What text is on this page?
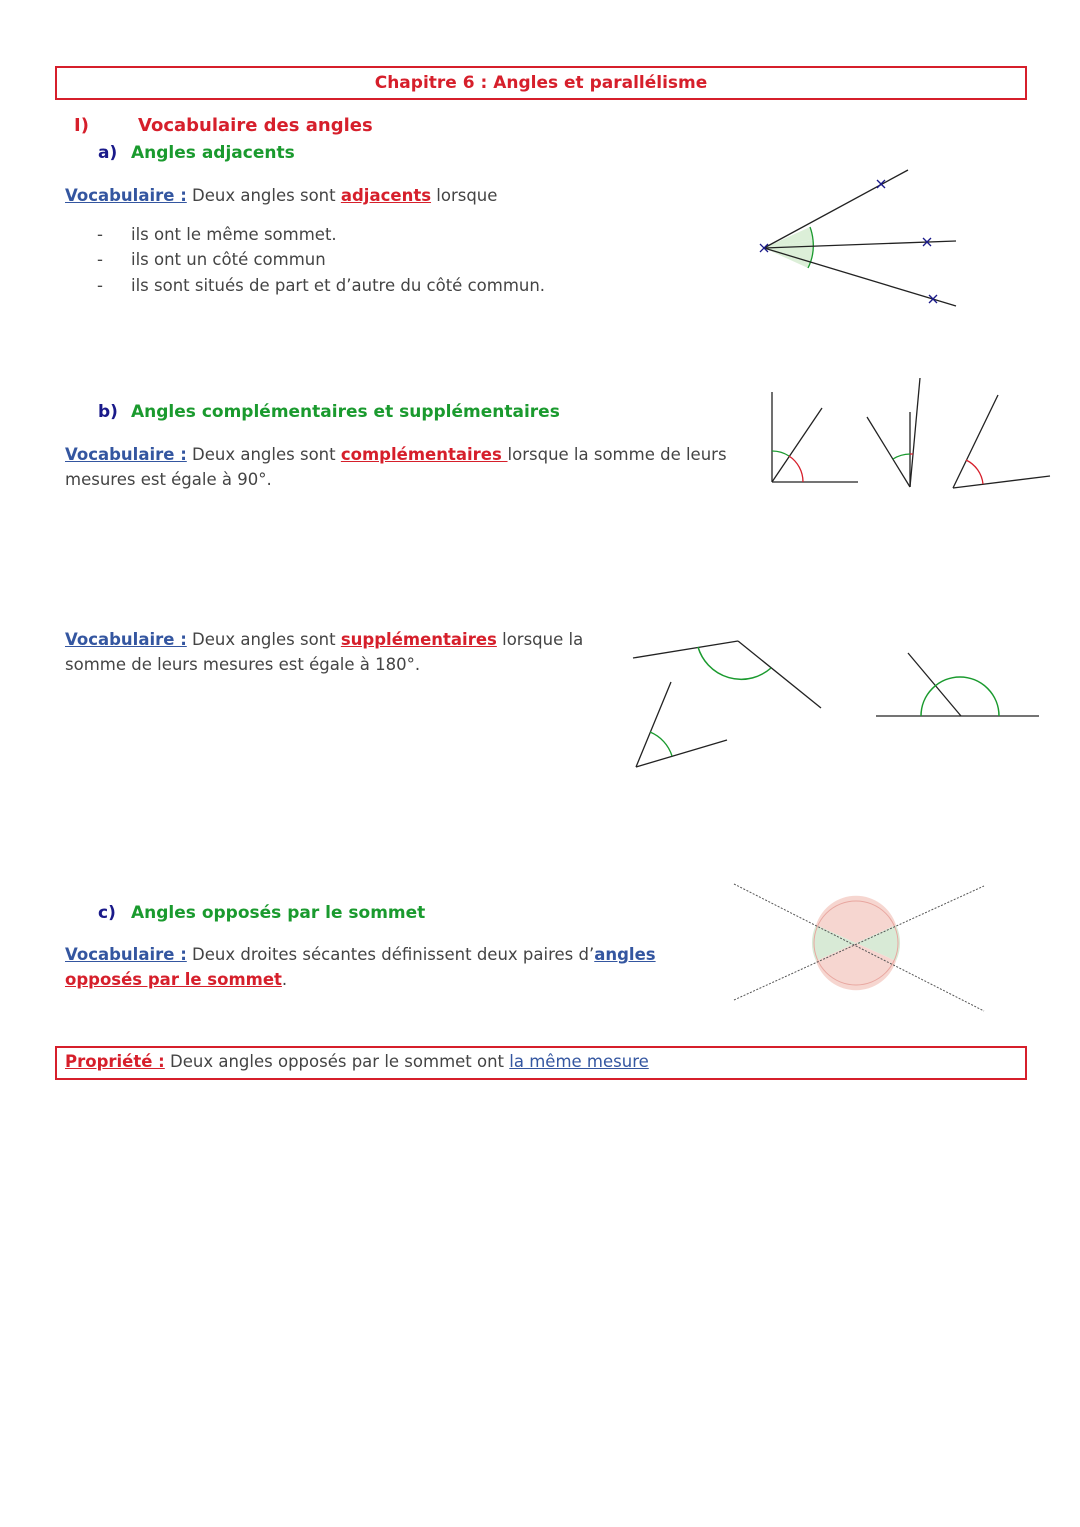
Chapitre 6 : Angles et parallélisme
I)	Vocabulaire des angles
a) Angles adjacents
Vocabulaire : Deux angles sont adjacents lorsque
- ils ont le même sommet.
- ils ont un côté commun
- ils sont situés de part et d’autre du côté commun.
b) Angles complémentaires et supplémentaires
Vocabulaire : Deux angles sont complémentaires lorsque la somme de leurs
mesures est égale à 90°.
Vocabulaire : Deux angles sont supplémentaires lorsque la
somme de leurs mesures est égale à 180°.
c) Angles opposés par le sommet
Vocabulaire : Deux droites sécantes définissent deux paires d’angles
opposés par le sommet.
Propriété : Deux angles opposés par le sommet ont la même mesure
